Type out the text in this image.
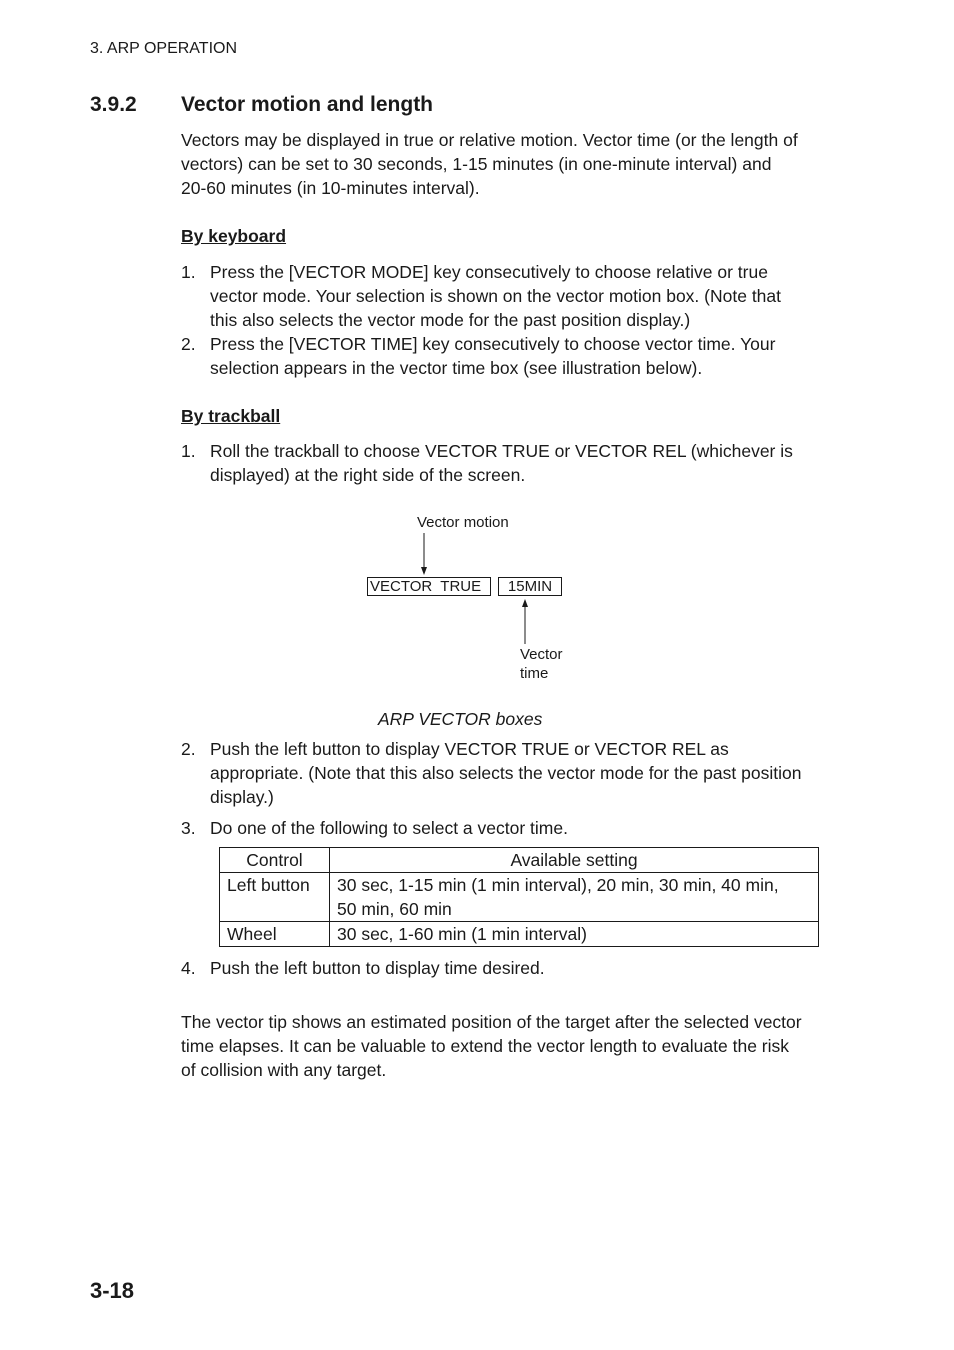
3. ARP OPERATION
3.9.2 Vector motion and length
Vectors may be displayed in true or relative motion. Vector time (or the length of
vectors) can be set to 30 seconds, 1-15 minutes (in one-minute interval) and
20-60 minutes (in 10-minutes interval).
By keyboard
1. Press the [VECTOR MODE] key consecutively to choose relative or true
vector mode. Your selection is shown on the vector motion box. (Note that
this also selects the vector mode for the past position display.)
2. Press the [VECTOR TIME] key consecutively to choose vector time. Your
selection appears in the vector time box (see illustration below).
By trackball
1. Roll the trackball to choose VECTOR TRUE or VECTOR REL (whichever is
displayed) at the right side of the screen.
Vector motion
VECTOR  TRUE	15MIN
Vector
time
ARP VECTOR boxes
2. Push the left button to display VECTOR TRUE or VECTOR REL as
appropriate. (Note that this also selects the vector mode for the past position
display.)
3. Do one of the following to select a vector time.
Control	Available setting
Left button	30 sec, 1-15 min (1 min interval), 20 min, 30 min, 40 min,
50 min, 60 min

Wheel	30 sec, 1-60 min (1 min interval)
4. Push the left button to display time desired.
The vector tip shows an estimated position of the target after the selected vector
time elapses. It can be valuable to extend the vector length to evaluate the risk
of collision with any target.
3-18
